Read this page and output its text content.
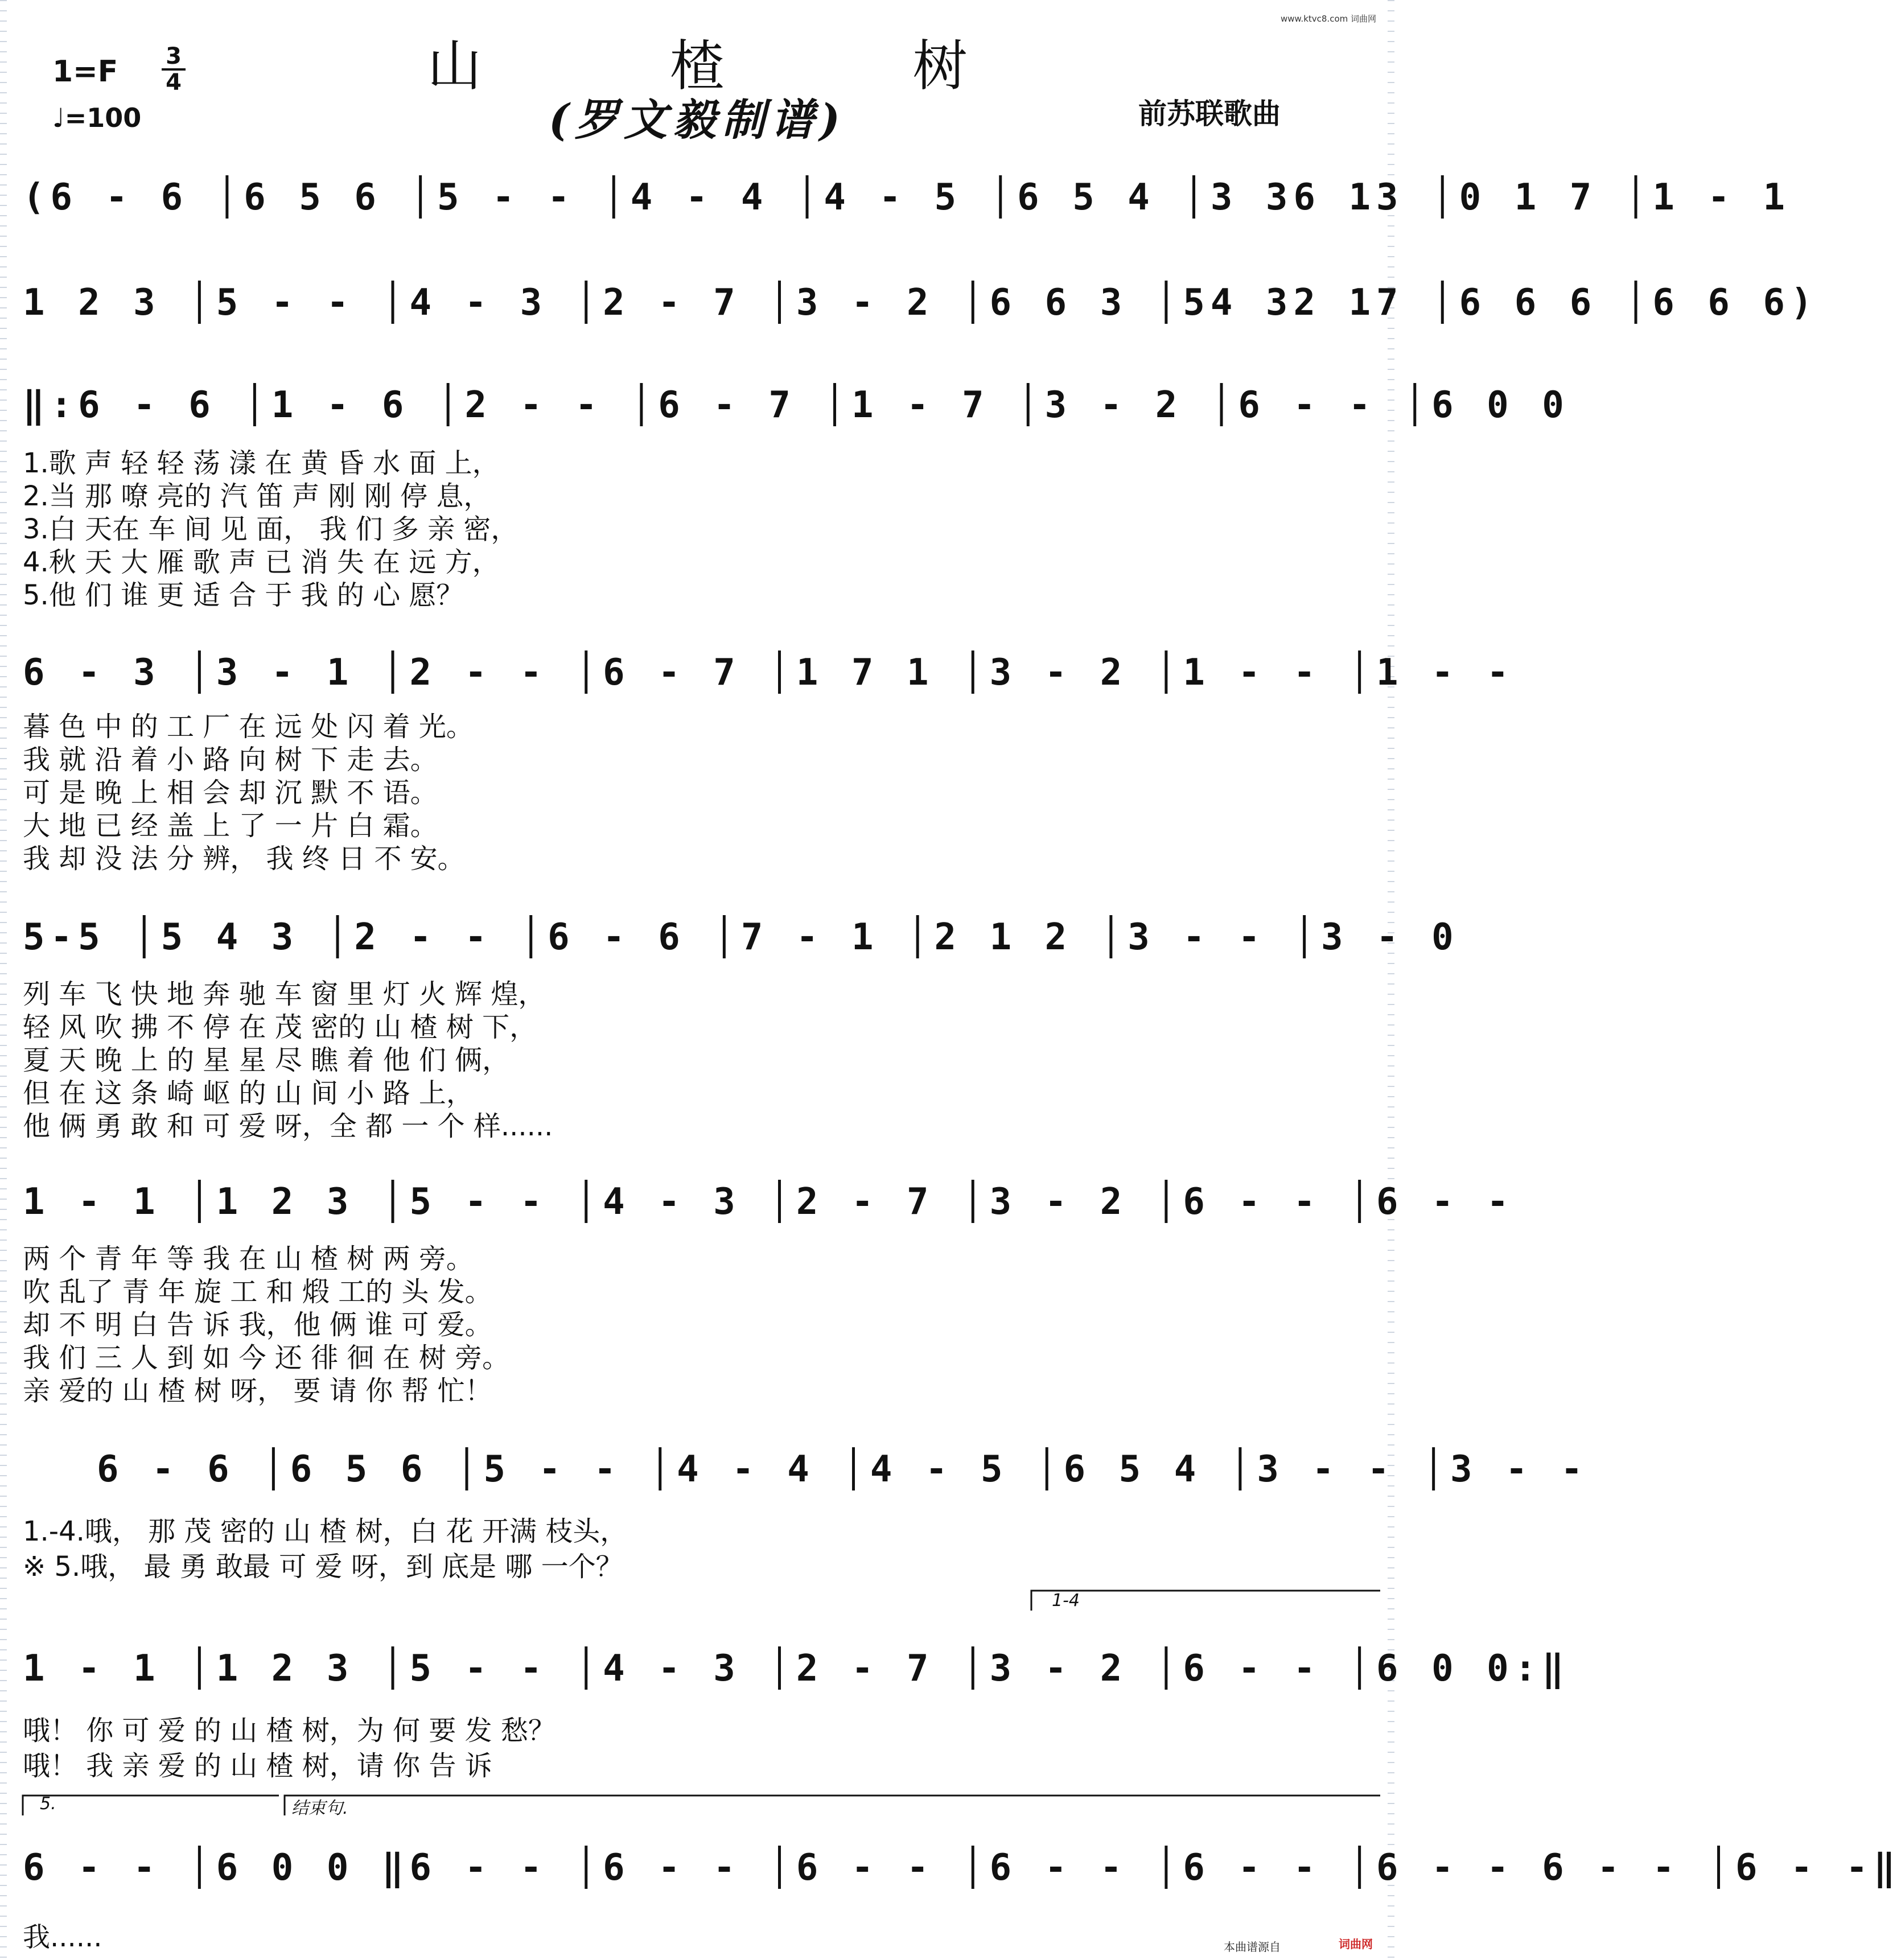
www.ktvc8.com 词曲网
山 楂 树
(罗文毅制谱)	前苏联歌曲
1=F 3
4
♩=100
(6 - 6 │6 5 6 │5 - - │4 - 4 │4 - 5 │6 5 4 │3 36 13 │0 1 7 │1 - 1
1 2 3 │5 - - │4 - 3 │2 - 7 │3 - 2 │6 6 3 │54 32 17 │6 6 6 │6 6 6)
‖:6 - 6 │1 - 6 │2 - - │6 - 7 │1 - 7 │3 - 2 │6 - - │6 0 0
1.歌 声 轻 轻 荡 漾 在 黄 昏 水 面 上，
2.当 那 嘹 亮的 汽 笛 声 刚 刚 停 息，
3.白 天在 车 间 见 面， 我 们 多 亲 密，
4.秋 天 大 雁 歌 声 已 消 失 在 远 方，
5.他 们 谁 更 适 合 于 我 的 心 愿？
6 - 3 │3 - 1 │2 - - │6 - 7 │1 7 1 │3 - 2 │1 - - │1 - -
暮 色 中 的 工 厂 在 远 处 闪 着 光。
我 就 沿 着 小 路 向 树 下 走 去。
可 是 晚 上 相 会 却 沉 默 不 语。
大 地 已 经 盖 上 了 一 片 白 霜。
我 却 没 法 分 辨， 我 终 日 不 安。
5-5 │5 4 3 │2 - - │6 - 6 │7 - 1 │2 1 2 │3 - - │3 - 0
列 车 飞 快 地 奔 驰 车 窗 里 灯 火 辉 煌，
轻 风 吹 拂 不 停 在 茂 密的 山 楂 树 下，
夏 天 晚 上 的 星 星 尽 瞧 着 他 们 俩，
但 在 这 条 崎 岖 的 山 间 小 路 上，
他 俩 勇 敢 和 可 爱 呀，全 都 一 个 样......
1 - 1 │1 2 3 │5 - - │4 - 3 │2 - 7 │3 - 2 │6 - - │6 - -
两 个 青 年 等 我 在 山 楂 树 两 旁。
吹 乱了 青 年 旋 工 和 煅 工的 头 发。
却 不 明 白 告 诉 我，他 俩 谁 可 爱。
我 们 三 人 到 如 今 还 徘 徊 在 树 旁。
亲 爱的 山 楂 树 呀， 要 请 你 帮 忙！
6 - 6 │6 5 6 │5 - - │4 - 4 │4 - 5 │6 5 4 │3 - - │3 - -
1.-4.哦， 那 茂 密的 山 楂 树，白 花 开满 枝头，
※ 5.哦， 最 勇 敢最 可 爱 呀，到 底是 哪 一个？
1-4
1 - 1 │1 2 3 │5 - - │4 - 3 │2 - 7 │3 - 2 │6 - - │6 0 0:‖
哦！ 你 可 爱 的 山 楂 树，为 何 要 发 愁？
哦！ 我 亲 爱 的 山 楂 树，请 你 告 诉
5.	结束句.
6 - - │6 0 0 ‖6 - - │6 - - │6 - - │6 - - │6 - - │6 - - 6 - - │6 - -‖
我......	本曲谱源自	词曲网
